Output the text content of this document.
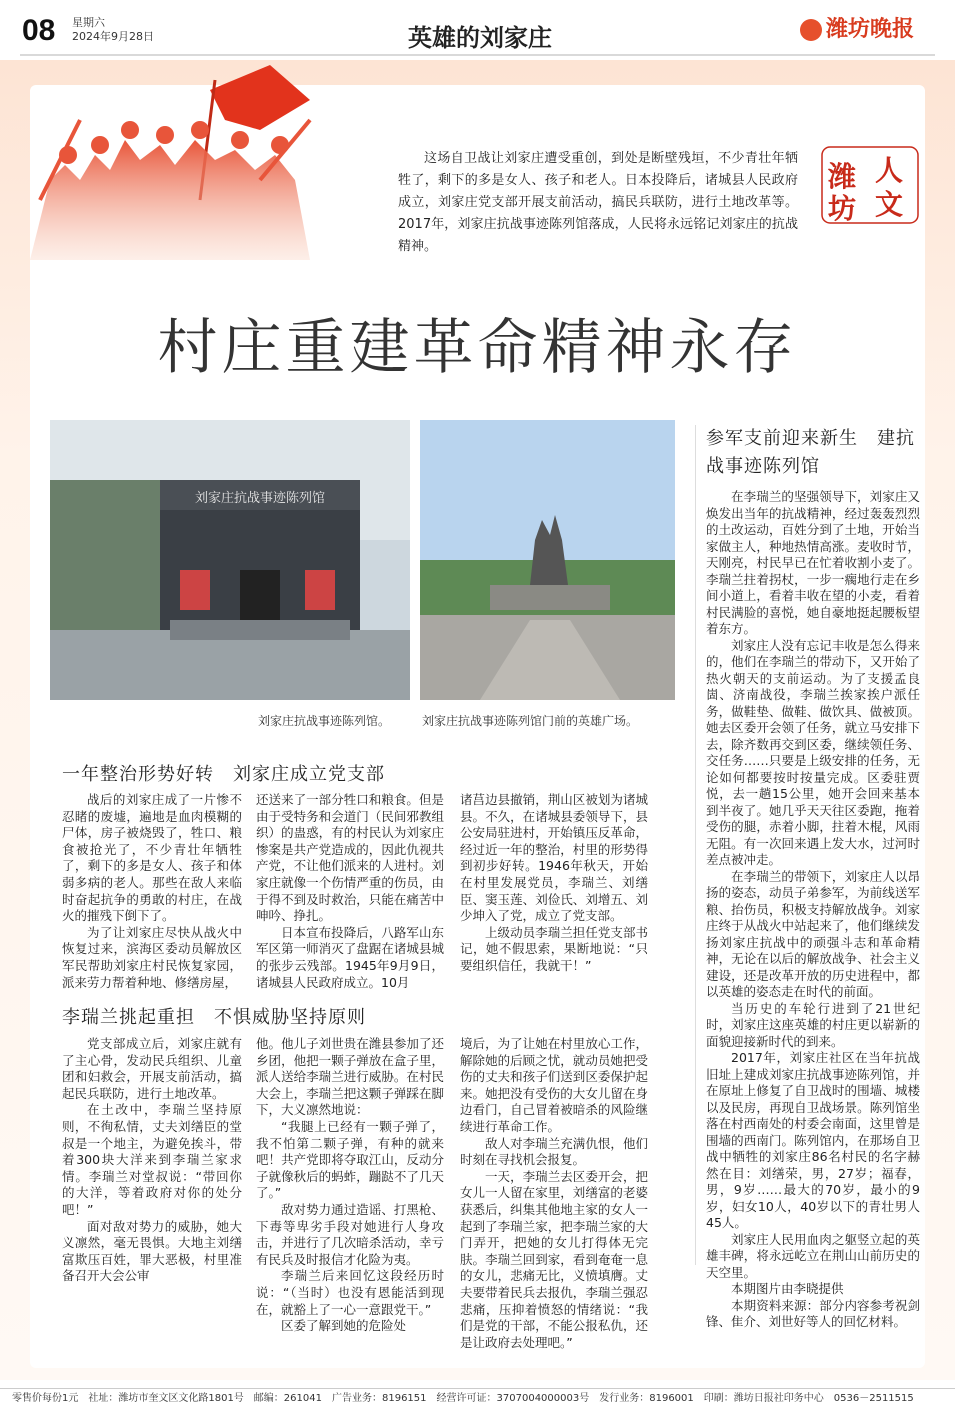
08 星期六
2024年9月28日	英雄的刘家庄	潍坊晚报
这场自卫战让刘家庄遭受重创，到处是断壁残垣，不少青壮年牺牲了，剩下的多是女人、孩子和老人。日本投降后，诸城县人民政府成立，刘家庄党支部开展支前活动，搞民兵联防，进行土地改革等。2017年，刘家庄抗战事迹陈列馆落成，人民将永远铭记刘家庄的抗战精神。
潍
坊
人
文
村庄重建革命精神永存
刘家庄抗战事迹陈列馆
刘家庄抗战事迹陈列馆。	刘家庄抗战事迹陈列馆门前的英雄广场。
一年整治形势好转　刘家庄成立党支部

战后的刘家庄成了一片惨不忍睹的废墟，遍地是血肉模糊的尸体，房子被烧毁了，牲口、粮食被抢光了，不少青壮年牺牲了，剩下的多是女人、孩子和体弱多病的老人。那些在敌人来临时奋起抗争的勇敢的村庄，在战火的摧残下倒下了。

为了让刘家庄尽快从战火中恢复过来，滨海区委动员解放区军民帮助刘家庄村民恢复家园，派来劳力帮着种地、修缮房屋，

还送来了一部分牲口和粮食。但是由于受特务和会道门（民间邪教组织）的蛊惑，有的村民认为刘家庄惨案是共产党造成的，因此仇视共产党，不让他们派来的人进村。刘家庄就像一个伤情严重的伤员，由于得不到及时救治，只能在痛苦中呻吟、挣扎。

日本宣布投降后，八路军山东军区第一师消灭了盘踞在诸城县城的张步云残部。1945年9月9日，诸城县人民政府成立。10月

诸莒边县撤销，荆山区被划为诸城县。不久，在诸城县委领导下，县公安局驻进村，开始镇压反革命，经过近一年的整治，村里的形势得到初步好转。1946年秋天，开始在村里发展党员，李瑞兰、刘缮臣、窦玉莲、刘俭氏、刘增五、刘少坤入了党，成立了党支部。

上级动员李瑞兰担任党支部书记，她不假思索，果断地说：“只要组织信任，我就干！”

李瑞兰挑起重担　不惧威胁坚持原则

党支部成立后，刘家庄就有了主心骨，发动民兵组织、儿童团和妇救会，开展支前活动，搞起民兵联防，进行土地改革。

在土改中，李瑞兰坚持原则，不徇私情，丈夫刘缮臣的堂叔是一个地主，为避免挨斗，带着300块大洋来到李瑞兰家求情。李瑞兰对堂叔说：“带回你的大洋，等着政府对你的处分吧！”

面对敌对势力的威胁，她大义凛然，毫无畏惧。大地主刘缮富欺压百姓，罪大恶极，村里准备召开大会公审

他。他儿子刘世贵在潍县参加了还乡团，他把一颗子弹放在盒子里，派人送给李瑞兰进行威胁。在村民大会上，李瑞兰把这颗子弹踩在脚下，大义凛然地说：

“我腿上已经有一颗子弹了，我不怕第二颗子弹，有种的就来吧！共产党即将夺取江山，反动分子就像秋后的蚂蚱，蹦跶不了几天了。”

敌对势力通过造谣、打黑枪、下毒等卑劣手段对她进行人身攻击，并进行了几次暗杀活动，幸亏有民兵及时报信才化险为夷。

李瑞兰后来回忆这段经历时说：“（当时）也没有恩能活到现在，就豁上了一心一意跟党干。”

区委了解到她的危险处

境后，为了让她在村里放心工作，解除她的后顾之忧，就动员她把受伤的丈夫和孩子们送到区委保护起来。她把没有受伤的大女儿留在身边看门，自己冒着被暗杀的风险继续进行革命工作。

敌人对李瑞兰充满仇恨，他们时刻在寻找机会报复。

一天，李瑞兰去区委开会，把女儿一人留在家里，刘缮富的老婆获悉后，纠集其他地主家的女人一起到了李瑞兰家，把李瑞兰家的大门弄开，把她的女儿打得体无完肤。李瑞兰回到家，看到奄奄一息的女儿，悲痛无比，义愤填膺。丈夫要带着民兵去报仇，李瑞兰强忍悲痛，压抑着愤怒的情绪说：“我们是党的干部，不能公报私仇，还是让政府去处理吧。”

参军支前迎来新生　建抗战事迹陈列馆

在李瑞兰的坚强领导下，刘家庄又焕发出当年的抗战精神，经过轰轰烈烈的土改运动，百姓分到了土地，开始当家做主人，种地热情高涨。麦收时节，天刚亮，村民早已在忙着收割小麦了。李瑞兰拄着拐杖，一步一瘸地行走在乡间小道上，看着丰收在望的小麦，看着村民满脸的喜悦，她自豪地挺起腰板望着东方。

刘家庄人没有忘记丰收是怎么得来的，他们在李瑞兰的带动下，又开始了热火朝天的支前运动。为了支援孟良崮、济南战役，李瑞兰挨家挨户派任务，做鞋垫、做鞋、做饮具、做被顶。她去区委开会领了任务，就立马安排下去，除齐数再交到区委，继续领任务、交任务……只要是上级安排的任务，无论如何都要按时按量完成。区委驻贾悦，去一趟15公里，她开会回来基本到半夜了。她几乎天天往区委跑，拖着受伤的腿，赤着小脚，拄着木棍，风雨无阻。有一次回来遇上发大水，过河时差点被冲走。

在李瑞兰的带领下，刘家庄人以昂扬的姿态，动员子弟参军，为前线送军粮、抬伤员，积极支持解放战争。刘家庄终于从战火中站起来了，他们继续发扬刘家庄抗战中的顽强斗志和革命精神，无论在以后的解放战争、社会主义建设，还是改革开放的历史进程中，都以英雄的姿态走在时代的前面。

当历史的车轮行进到了21世纪时，刘家庄这座英雄的村庄更以崭新的面貌迎接新时代的到来。

2017年，刘家庄社区在当年抗战旧址上建成刘家庄抗战事迹陈列馆，并在原址上修复了自卫战时的围墙、城楼以及民房，再现自卫战场景。陈列馆坐落在村西南处的村委会南面，这里曾是围墙的西南门。陈列馆内，在那场自卫战中牺牲的刘家庄86名村民的名字赫然在目：刘缮荣，男，27岁；福春，男，9岁……最大的70岁，最小的9岁，妇女10人，40岁以下的青壮男人45人。

刘家庄人民用血肉之躯竖立起的英雄丰碑，将永远屹立在荆山山前历史的天空里。

本期图片由李晓提供

本期资料来源：部分内容参考祝剑锋、隹介、刘世好等人的回忆材料。

零售价每份1元　社址：潍坊市奎文区文化路1801号　邮编：261041　广告业务：8196151　经营许可证：3707004000003号　发行业务：8196001　印刷：潍坊日报社印务中心　0536－2511515
